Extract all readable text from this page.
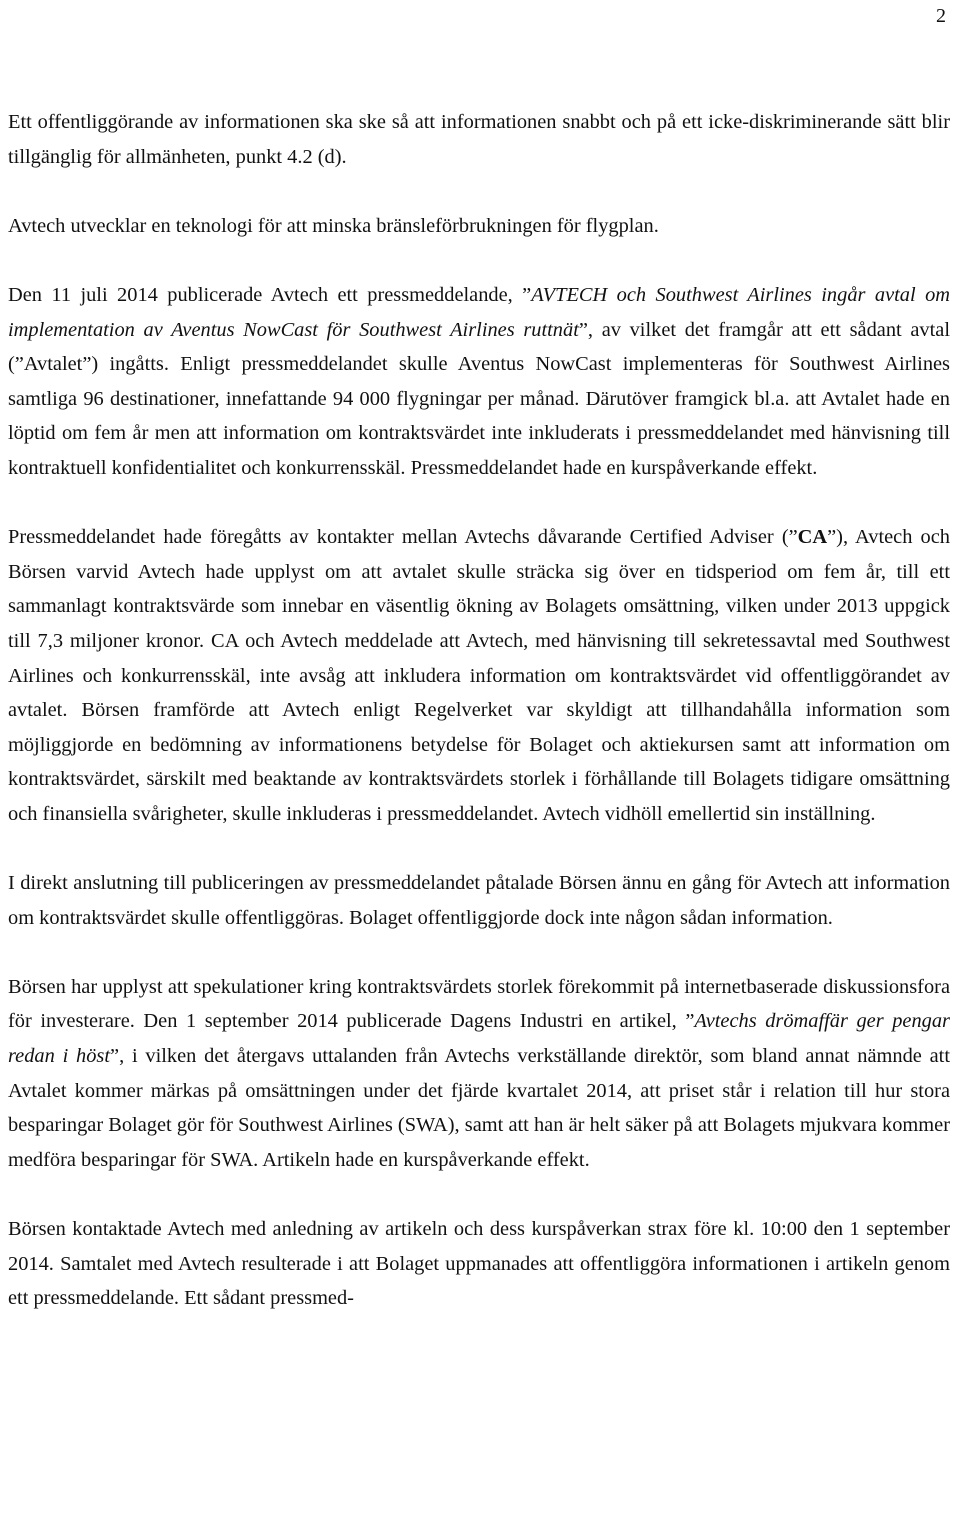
2

Ett offentliggörande av informationen ska ske så att informationen snabbt och på ett icke-diskriminerande sätt blir tillgänglig för allmänheten, punkt 4.2 (d).

Avtech utvecklar en teknologi för att minska bränsleförbrukningen för flygplan.

Den 11 juli 2014 publicerade Avtech ett pressmeddelande, ”AVTECH och Southwest Airlines ingår avtal om implementation av Aventus NowCast för Southwest Airlines ruttnät”, av vilket det framgår att ett sådant avtal (”Avtalet”) ingåtts. Enligt pressmeddelandet skulle Aventus NowCast implementeras för Southwest Airlines samtliga 96 destinationer, innefattande 94 000 flygningar per månad. Därutöver framgick bl.a. att Avtalet hade en löptid om fem år men att information om kontraktsvärdet inte inkluderats i pressmeddelandet med hänvisning till kontraktuell konfidentialitet och konkurrensskäl. Pressmeddelandet hade en kurspåverkande effekt.

Pressmeddelandet hade föregåtts av kontakter mellan Avtechs dåvarande Certified Adviser (”CA”), Avtech och Börsen varvid Avtech hade upplyst om att avtalet skulle sträcka sig över en tidsperiod om fem år, till ett sammanlagt kontraktsvärde som innebar en väsentlig ökning av Bolagets omsättning, vilken under 2013 uppgick till 7,3 miljoner kronor. CA och Avtech meddelade att Avtech, med hänvisning till sekretessavtal med Southwest Airlines och konkurrensskäl, inte avsåg att inkludera information om kontraktsvärdet vid offentliggörandet av avtalet. Börsen framförde att Avtech enligt Regelverket var skyldigt att tillhandahålla information som möjliggjorde en bedömning av informationens betydelse för Bolaget och aktiekursen samt att information om kontraktsvärdet, särskilt med beaktande av kontraktsvärdets storlek i förhållande till Bolagets tidigare omsättning och finansiella svårigheter, skulle inkluderas i pressmeddelandet. Avtech vidhöll emellertid sin inställning.

I direkt anslutning till publiceringen av pressmeddelandet påtalade Börsen ännu en gång för Avtech att information om kontraktsvärdet skulle offentliggöras. Bolaget offentliggjorde dock inte någon sådan information.

Börsen har upplyst att spekulationer kring kontraktsvärdets storlek förekommit på internetbaserade diskussionsfora för investerare. Den 1 september 2014 publicerade Dagens Industri en artikel, ”Avtechs drömaffär ger pengar redan i höst”, i vilken det återgavs uttalanden från Avtechs verkställande direktör, som bland annat nämnde att Avtalet kommer märkas på omsättningen under det fjärde kvartalet 2014, att priset står i relation till hur stora besparingar Bolaget gör för Southwest Airlines (SWA), samt att han är helt säker på att Bolagets mjukvara kommer medföra besparingar för SWA. Artikeln hade en kurspåverkande effekt.

Börsen kontaktade Avtech med anledning av artikeln och dess kurspåverkan strax före kl. 10:00 den 1 september 2014. Samtalet med Avtech resulterade i att Bolaget uppmanades att offentliggöra informationen i artikeln genom ett pressmeddelande. Ett sådant pressmed-
